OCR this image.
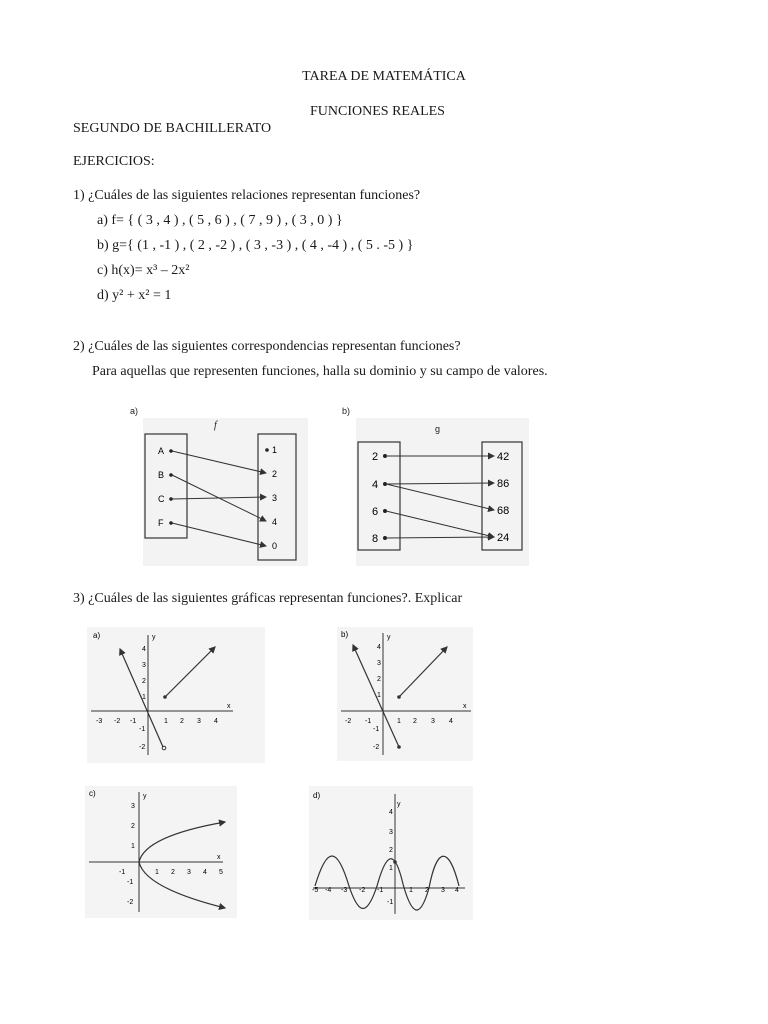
TAREA DE MATEMÁTICA
FUNCIONES REALES
SEGUNDO DE BACHILLERATO
EJERCICIOS:
1) ¿Cuáles de las siguientes relaciones representan funciones?
a) f= { ( 3 , 4 ) , ( 5 , 6 ) , ( 7 , 9 ) , ( 3 , 0 ) }
b) g={ (1 , -1 ) , ( 2 , -2 ) , ( 3 , -3 ) , ( 4 , -4 ) , ( 5 . -5 ) }
c) h(x)= x³ – 2x²
d) y² + x² = 1
2) ¿Cuáles de las siguientes correspondencias representan funciones?
Para aquellas que representen funciones, halla su dominio y su campo de valores.
a)
f
A
B
C
F
1
2
3
4
0
b)
g
2
4
6
8
42
86
68
24
3) ¿Cuáles de las siguientes gráficas representan funciones?. Explicar
a)
x
y
-3 -2 -1	1 2 3 4
4
3
2
1
-1
-2
b)
x
y
-2 -1	1 2 3 4
4
3
2
1
-1
-2
c)
x
y
-1	1 2 3 4 5
3
2
1
-1
-2
d)
y
-5 -4 -3 -2 -1	1 2 3 4
4
3
2
1
-1
